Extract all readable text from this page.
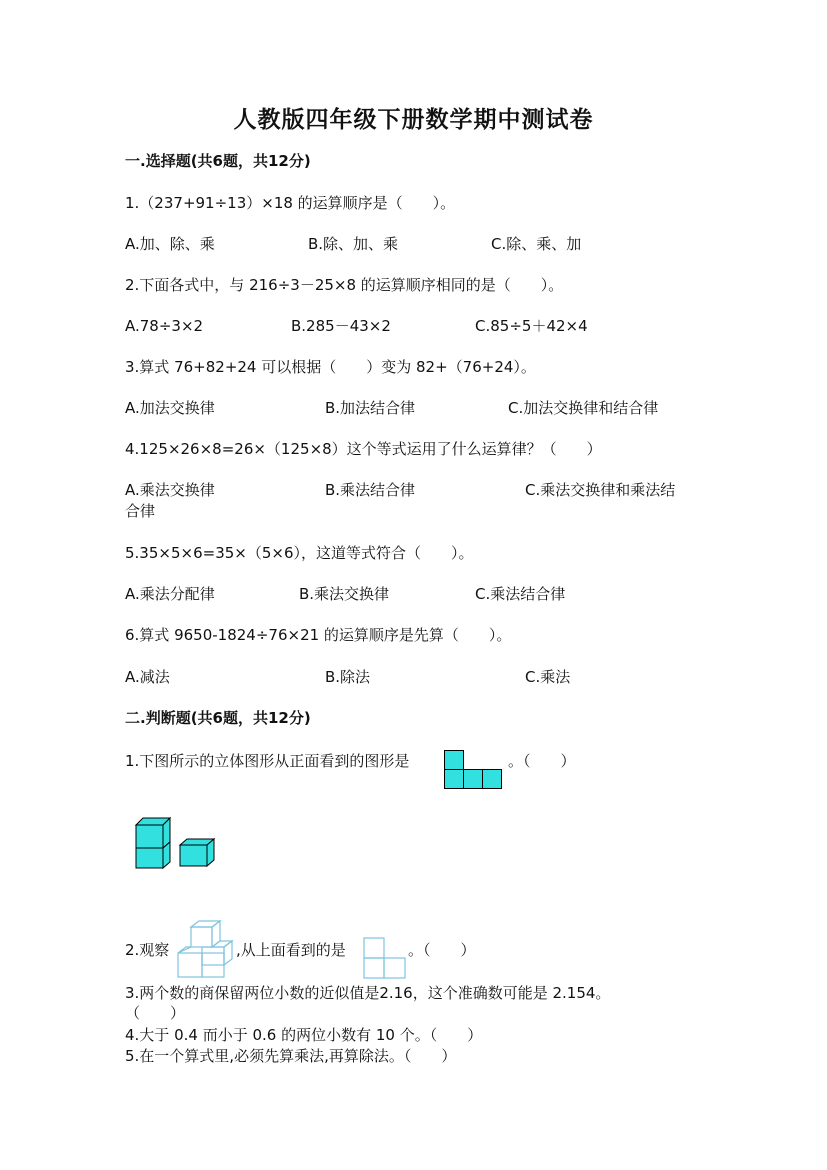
人教版四年级下册数学期中测试卷
一.选择题(共6题，共12分)
1.（237+91÷13）×18 的运算顺序是（　　）。
A.加、除、乘	B.除、加、乘	C.除、乘、加
2.下面各式中，与 216÷3－25×8 的运算顺序相同的是（　　）。
A.78÷3×2	B.285－43×2	C.85÷5＋42×4
3.算式 76+82+24 可以根据（　　）变为 82+（76+24）。
A.加法交换律	B.加法结合律	C.加法交换律和结合律
4.125×26×8=26×（125×8）这个等式运用了什么运算律？（　　）
A.乘法交换律	B.乘法结合律	C.乘法交换律和乘法结
合律
5.35×5×6=35×（5×6），这道等式符合（　　）。
A.乘法分配律	B.乘法交换律	C.乘法结合律
6.算式 9650-1824÷76×21 的运算顺序是先算（　　）。
A.减法	B.除法	C.乘法
二.判断题(共6题，共12分)
1.下图所示的立体图形从正面看到的图形是	。（　　）
2.观察	,从上面看到的是	。（　　）
3.两个数的商保留两位小数的近似值是2.16，这个准确数可能是 2.154。
（　　）
4.大于 0.4 而小于 0.6 的两位小数有 10 个。（　　）
5.在一个算式里,必须先算乘法,再算除法。（　　）
